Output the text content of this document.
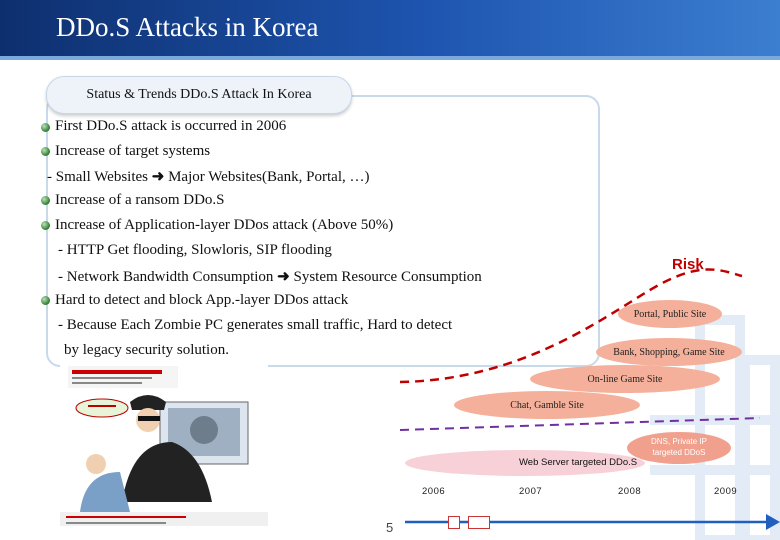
DDo.S Attacks in Korea
Status & Trends DDo.S Attack In Korea
First DDo.S attack is occurred in 2006
Increase of target systems
- Small Websites ➜ Major Websites(Bank, Portal, …)
Increase of a ransom DDo.S
Increase of Application-layer DDos attack (Above 50%)
- HTTP Get flooding, Slowloris, SIP flooding
- Network Bandwidth Consumption ➜ System Resource Consumption
Hard to detect and block App.-layer DDos attack
- Because Each Zombie PC generates small traffic, Hard to detect
by legacy security solution.
Risk
Portal, Public Site
Bank, Shopping, Game Site
On-line Game Site
Chat, Gamble Site
Web Server targeted DDo.S
DNS, Private IP
targeted DDoS
2006	2007	2008	2009
5
